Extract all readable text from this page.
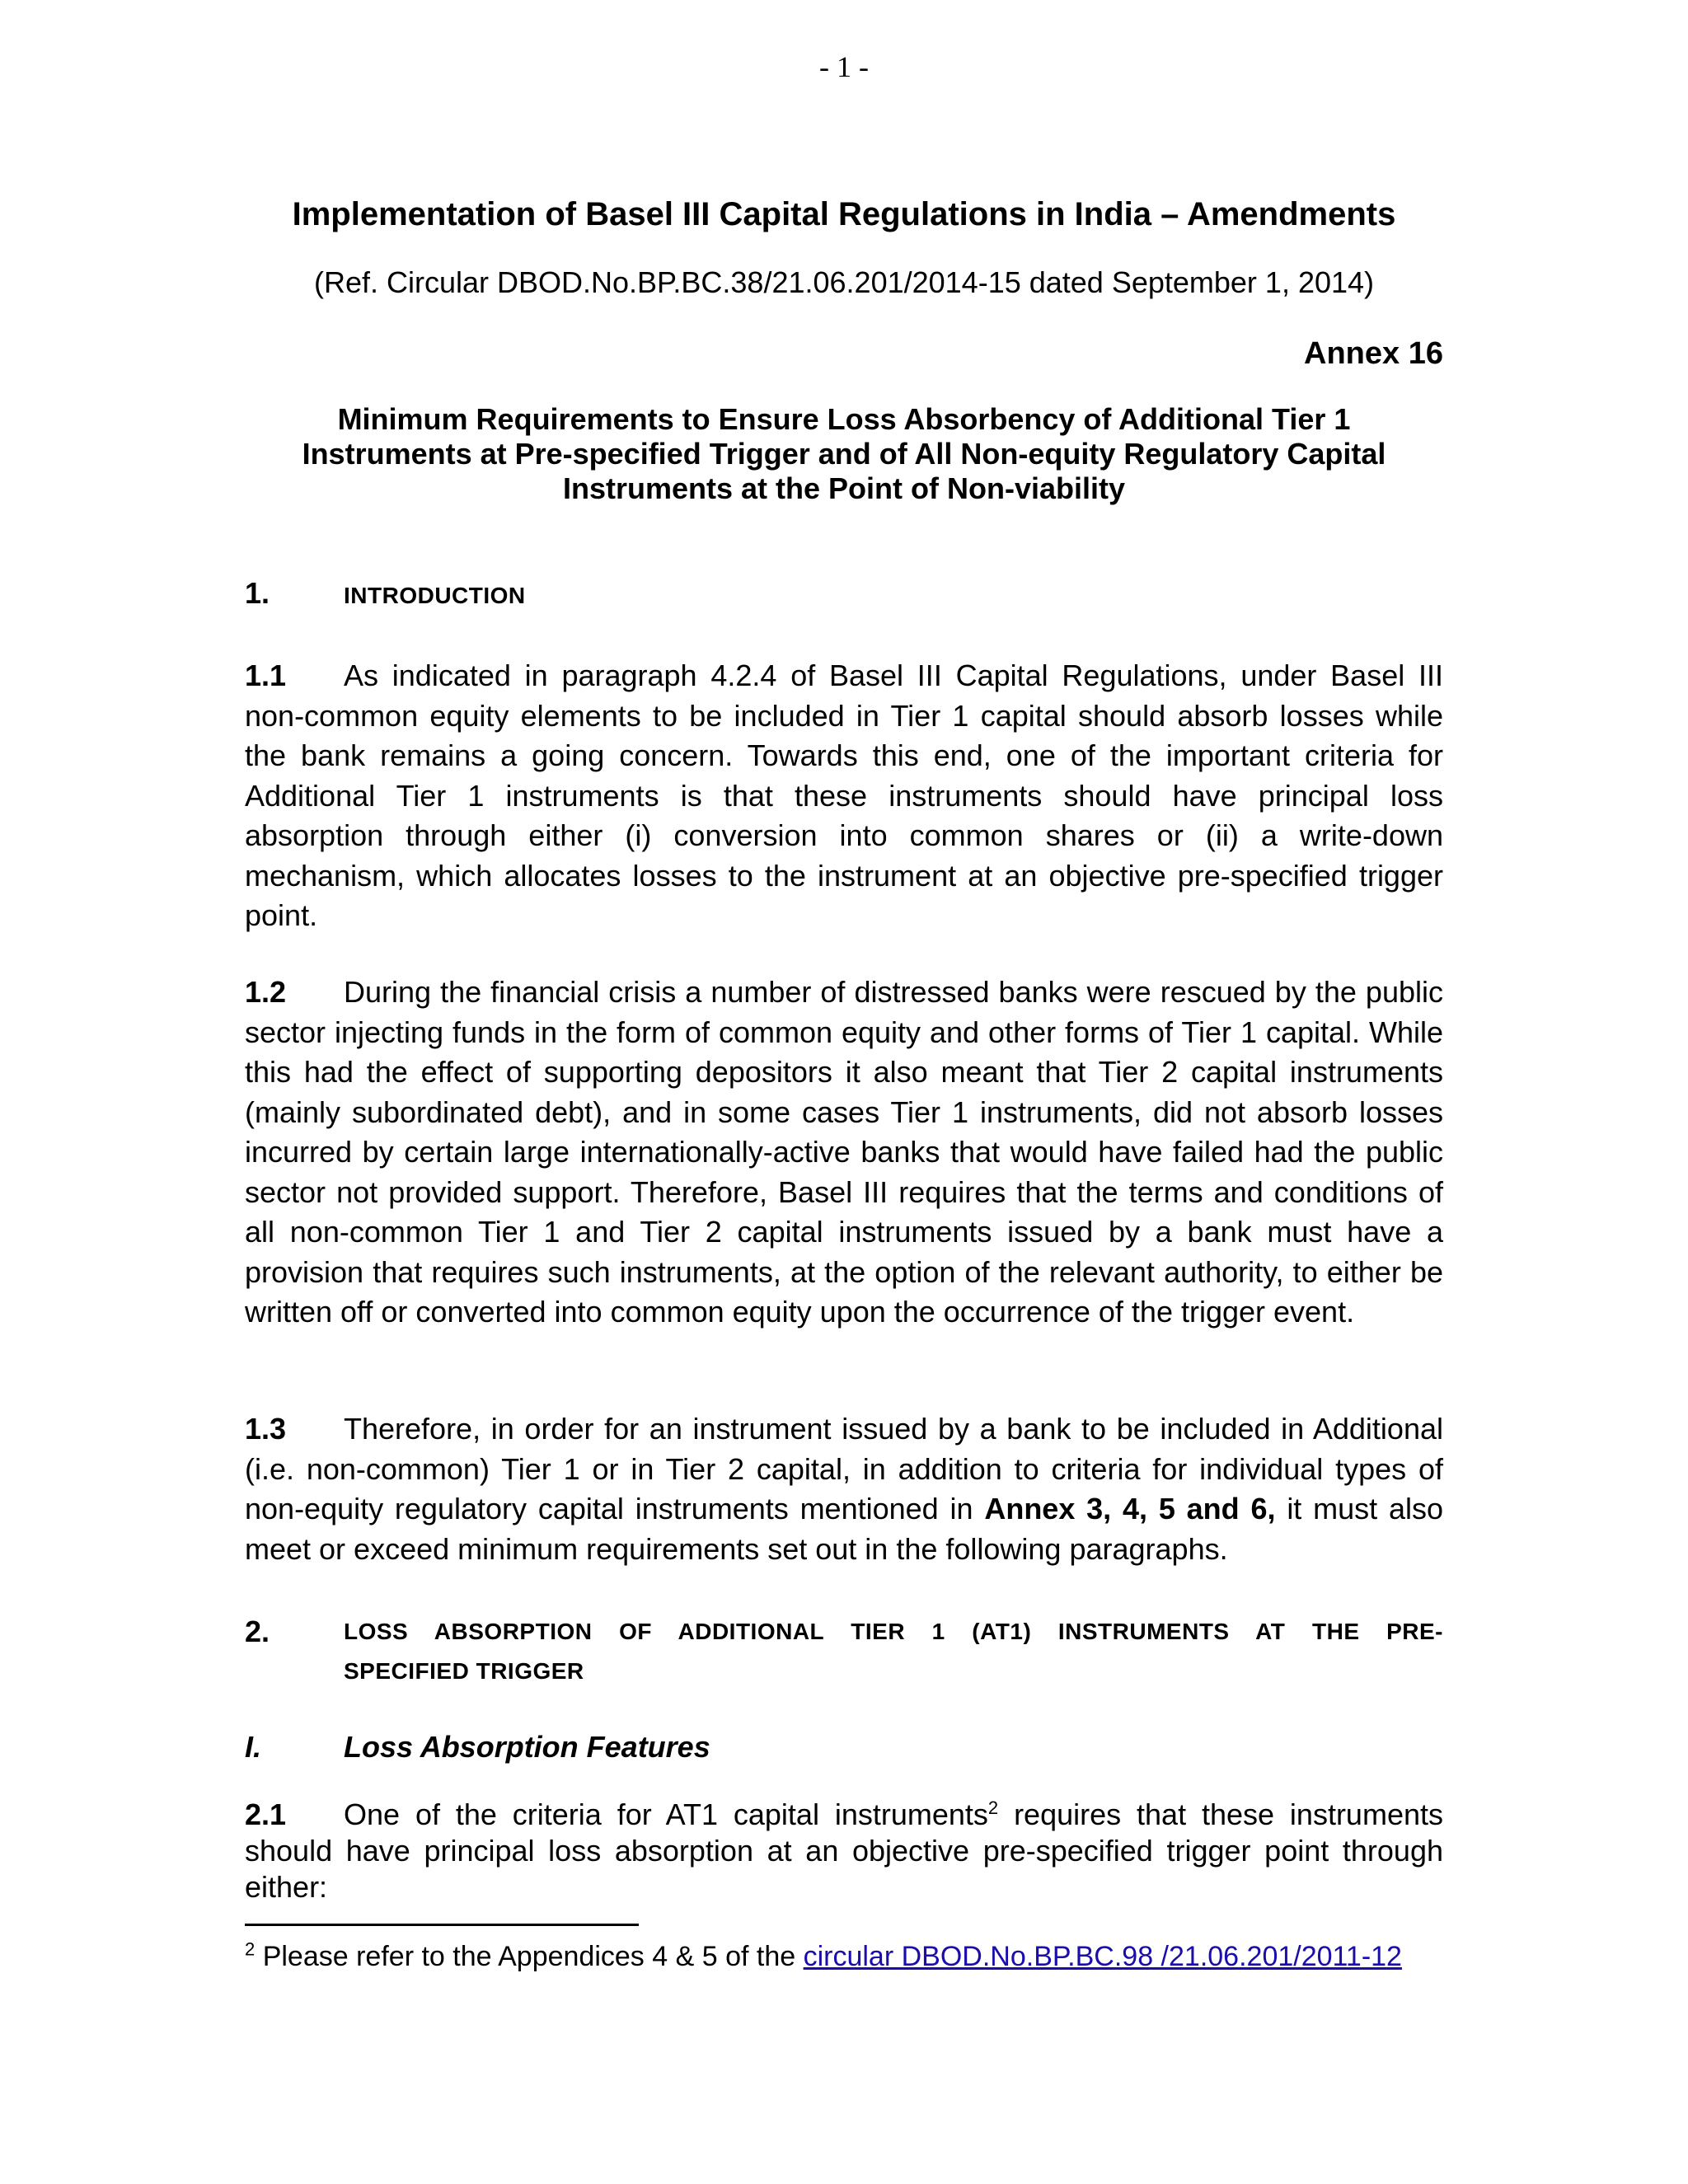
- 1 -
Implementation of Basel III Capital Regulations in India – Amendments
(Ref. Circular DBOD.No.BP.BC.38/21.06.201/2014-15 dated September 1, 2014)
Annex 16
Minimum Requirements to Ensure Loss Absorbency of Additional Tier 1
Instruments at Pre-specified Trigger and of All Non-equity Regulatory Capital
Instruments at the Point of Non-viability
1.	INTRODUCTION
1.1 As indicated in paragraph 4.2.4 of Basel III Capital Regulations, under Basel III non-common equity elements to be included in Tier 1 capital should absorb losses while the bank remains a going concern. Towards this end, one of the important criteria for Additional Tier 1 instruments is that these instruments should have principal loss absorption through either (i) conversion into common shares or (ii) a write-down mechanism, which allocates losses to the instrument at an objective pre-specified trigger point.
1.2 During the financial crisis a number of distressed banks were rescued by the public sector injecting funds in the form of common equity and other forms of Tier 1 capital. While this had the effect of supporting depositors it also meant that Tier 2 capital instruments (mainly subordinated debt), and in some cases Tier 1 instruments, did not absorb losses incurred by certain large internationally-active banks that would have failed had the public sector not provided support. Therefore, Basel III requires that the terms and conditions of all non-common Tier 1 and Tier 2 capital instruments issued by a bank must have a provision that requires such instruments, at the option of the relevant authority, to either be written off or converted into common equity upon the occurrence of the trigger event.
1.3 Therefore, in order for an instrument issued by a bank to be included in Additional (i.e. non-common) Tier 1 or in Tier 2 capital, in addition to criteria for individual types of non-equity regulatory capital instruments mentioned in Annex 3, 4, 5 and 6, it must also meet or exceed minimum requirements set out in the following paragraphs.
2.	LOSS ABSORPTION OF ADDITIONAL TIER 1 (AT1) INSTRUMENTS AT THE PRE-
SPECIFIED TRIGGER
I.	Loss Absorption Features
2.1 One of the criteria for AT1 capital instruments$^2$ requires that these instruments should have principal loss absorption at an objective pre-specified trigger point through either:
$^2$ Please refer to the Appendices 4 & 5 of the circular DBOD.No.BP.BC.98 /21.06.201/2011-12
